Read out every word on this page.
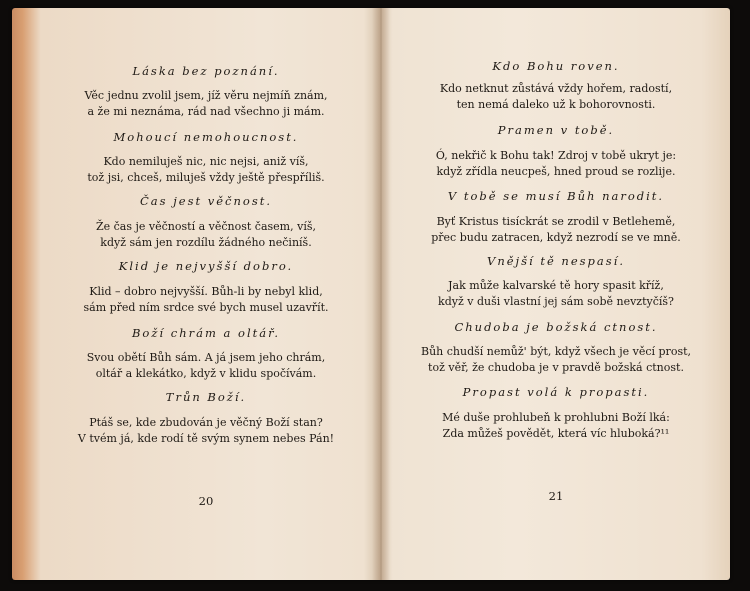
Láska bez poznání.
Věc jednu zvolil jsem, jíž věru nejmíň znám,
a že mi neznáma, rád nad všechno ji mám.
Mohoucí nemohoucnost.
Kdo nemiluješ nic, nic nejsi, aniž víš,
tož jsi, chceš, miluješ vždy ještě přespříliš.
Čas jest věčnost.
Že čas je věčností a věčnost časem, víš,
když sám jen rozdílu žádného nečiníš.
Klid je nejvyšší dobro.
Klid – dobro nejvyšší. Bůh-li by nebyl klid,
sám před ním srdce své bych musel uzavřít.
Boží chrám a oltář.
Svou obětí Bůh sám. A já jsem jeho chrám,
oltář a klekátko, když v klidu spočívám.
Trůn Boží.
Ptáš se, kde zbudován je věčný Boží stan?
V tvém já, kde rodí tě svým synem nebes Pán!
20
Kdo Bohu roven.
Kdo netknut zůstává vždy hořem, radostí,
ten nemá daleko už k bohorovnosti.
Pramen v tobě.
Ó, nekřič k Bohu tak! Zdroj v tobě ukryt je:
když zřídla neucpeš, hned proud se rozlije.
V tobě se musí Bůh narodit.
Byť Kristus tisíckrát se zrodil v Betlehemě,
přec budu zatracen, když nezrodí se ve mně.
Vnější tě nespasí.
Jak může kalvarské tě hory spasit kříž,
když v duši vlastní jej sám sobě nevztyčíš?
Chudoba je božská ctnost.
Bůh chudší nemůž' být, když všech je věcí prost,
tož věř, že chudoba je v pravdě božská ctnost.
Propast volá k propasti.
Mé duše prohlubeň k prohlubni Boží lká:
Zda můžeš povědět, která víc hluboká?¹¹
21
